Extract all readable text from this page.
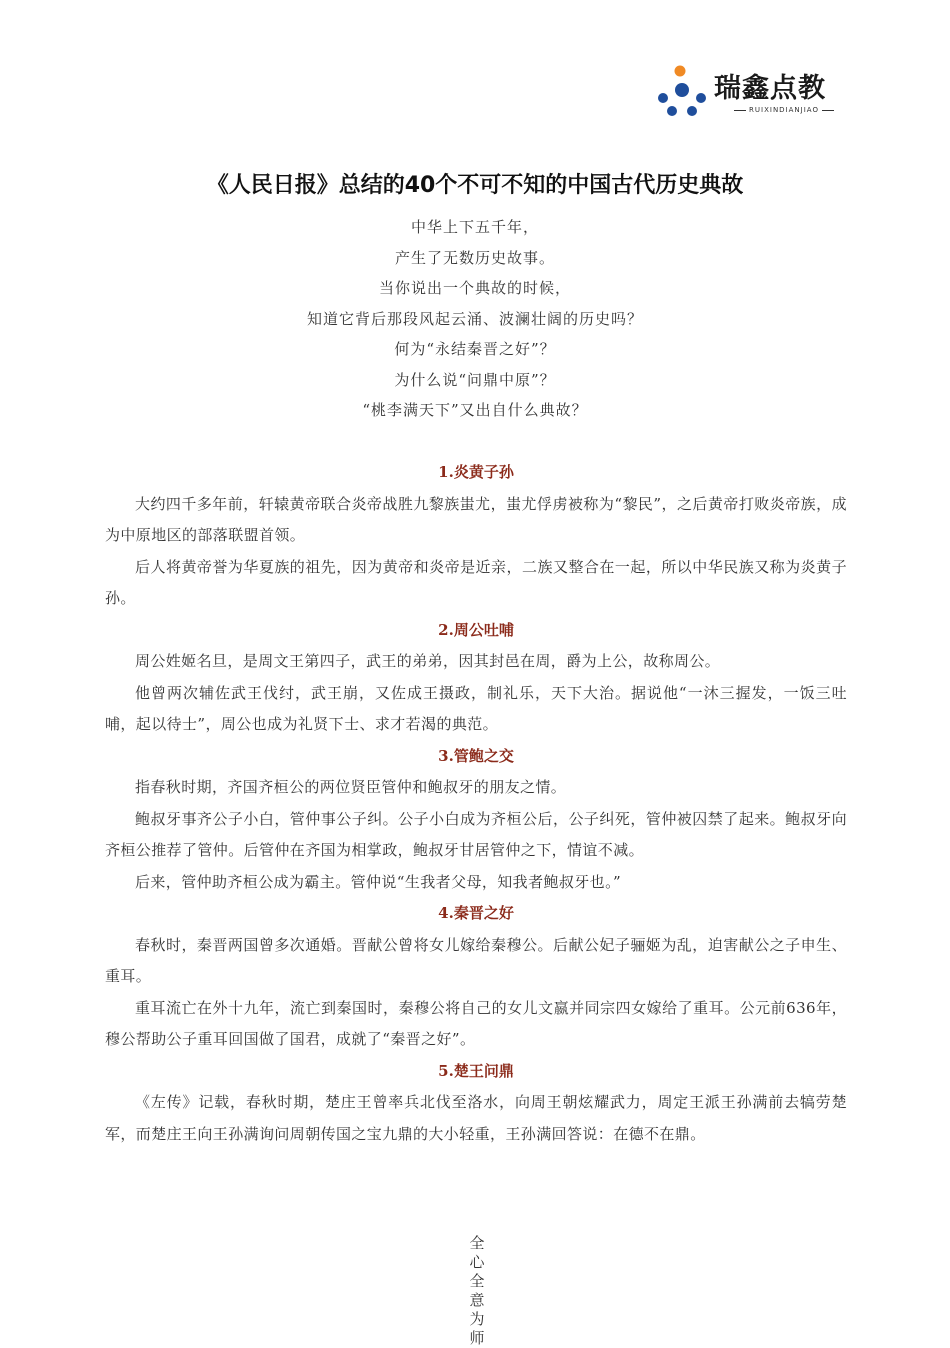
瑞鑫点教
RUIXINDIANJIAO
《人民日报》总结的40个不可不知的中国古代历史典故
中华上下五千年，
产生了无数历史故事。
当你说出一个典故的时候，
知道它背后那段风起云涌、波澜壮阔的历史吗？
何为“永结秦晋之好”？
为什么说“问鼎中原”？
“桃李满天下”又出自什么典故？
1.炎黄子孙

大约四千多年前，轩辕黄帝联合炎帝战胜九黎族蚩尤，蚩尤俘虏被称为“黎民”，之后黄帝打败炎帝族，成为中原地区的部落联盟首领。

后人将黄帝誉为华夏族的祖先，因为黄帝和炎帝是近亲，二族又整合在一起，所以中华民族又称为炎黄子孙。

2.周公吐哺

周公姓姬名旦，是周文王第四子，武王的弟弟，因其封邑在周，爵为上公，故称周公。

他曾两次辅佐武王伐纣，武王崩，又佐成王摄政，制礼乐，天下大治。据说他“一沐三握发，一饭三吐哺，起以待士”，周公也成为礼贤下士、求才若渴的典范。

3.管鲍之交

指春秋时期，齐国齐桓公的两位贤臣管仲和鲍叔牙的朋友之情。

鲍叔牙事齐公子小白，管仲事公子纠。公子小白成为齐桓公后，公子纠死，管仲被囚禁了起来。鲍叔牙向齐桓公推荐了管仲。后管仲在齐国为相掌政，鲍叔牙甘居管仲之下，情谊不减。

后来，管仲助齐桓公成为霸主。管仲说“生我者父母，知我者鲍叔牙也。”

4.秦晋之好

春秋时，秦晋两国曾多次通婚。晋献公曾将女儿嫁给秦穆公。后献公妃子骊姬为乱，迫害献公之子申生、重耳。

重耳流亡在外十九年，流亡到秦国时，秦穆公将自己的女儿文嬴并同宗四女嫁给了重耳。公元前636年，穆公帮助公子重耳回国做了国君，成就了“秦晋之好”。

5.楚王问鼎

《左传》记载，春秋时期，楚庄王曾率兵北伐至洛水，向周王朝炫耀武力，周定王派王孙满前去犒劳楚军，而楚庄王向王孙满询问周朝传国之宝九鼎的大小轻重，王孙满回答说：在德不在鼎。

全心全意为师
